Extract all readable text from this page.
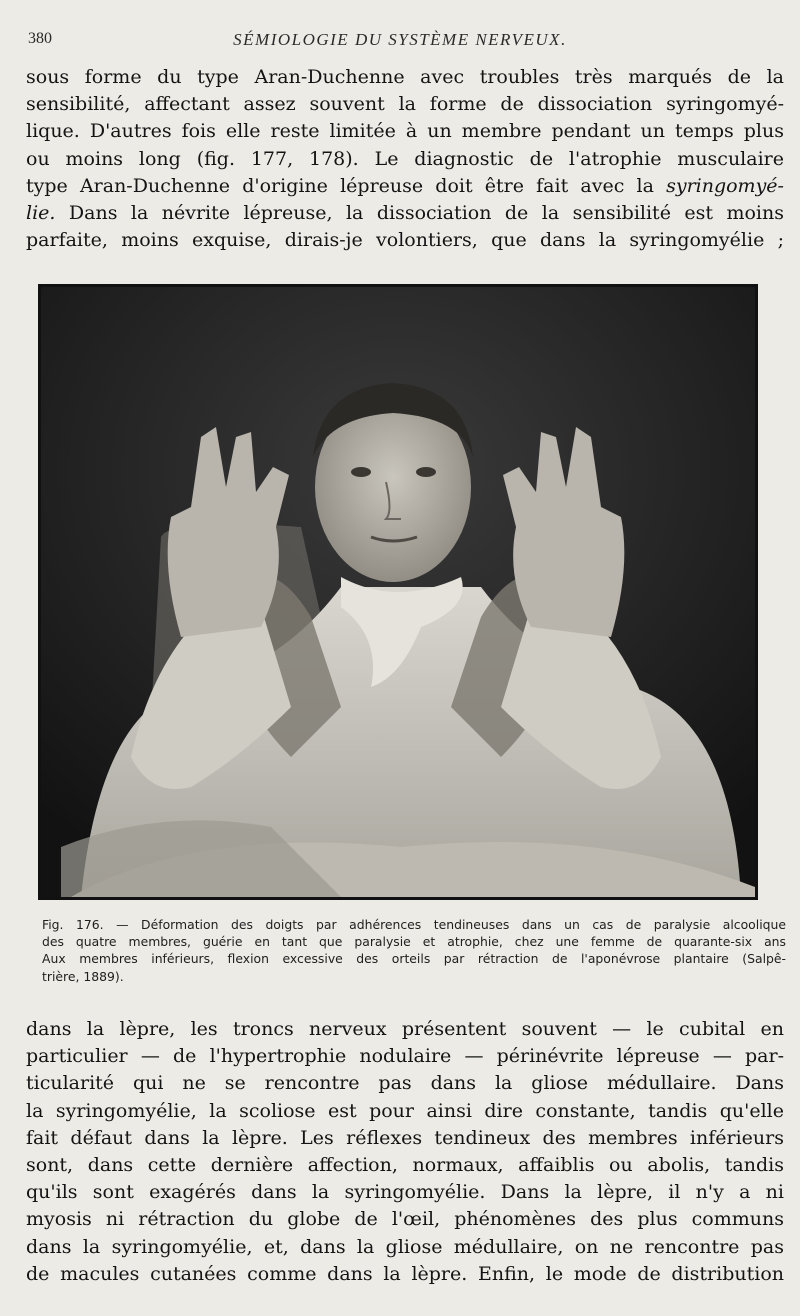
380	SÉMIOLOGIE DU SYSTÈME NERVEUX.
sous forme du type Aran-Duchenne avec troubles très marqués de la
sensibilité, affectant assez souvent la forme de dissociation syringomyé-
lique. D'autres fois elle reste limitée à un membre pendant un temps plus
ou moins long (fig. 177, 178). Le diagnostic de l'atrophie musculaire
type Aran-Duchenne d'origine lépreuse doit être fait avec la syringomyé-
lie. Dans la névrite lépreuse, la dissociation de la sensibilité est moins
parfaite, moins exquise, dirais-je volontiers, que dans la syringomyélie ;
Fig. 176. — Déformation des doigts par adhérences tendineuses dans un cas de paralysie alcoolique
des quatre membres, guérie en tant que paralysie et atrophie, chez une femme de quarante-six ans
Aux membres inférieurs, flexion excessive des orteils par rétraction de l'aponévrose plantaire (Salpê-
trière, 1889).
dans la lèpre, les troncs nerveux présentent souvent — le cubital en
particulier — de l'hypertrophie nodulaire — périnévrite lépreuse — par-
ticularité qui ne se rencontre pas dans la gliose médullaire. Dans
la syringomyélie, la scoliose est pour ainsi dire constante, tandis qu'elle
fait défaut dans la lèpre. Les réflexes tendineux des membres inférieurs
sont, dans cette dernière affection, normaux, affaiblis ou abolis, tandis
qu'ils sont exagérés dans la syringomyélie. Dans la lèpre, il n'y a ni
myosis ni rétraction du globe de l'œil, phénomènes des plus communs
dans la syringomyélie, et, dans la gliose médullaire, on ne rencontre pas
de macules cutanées comme dans la lèpre. Enfin, le mode de distribution
